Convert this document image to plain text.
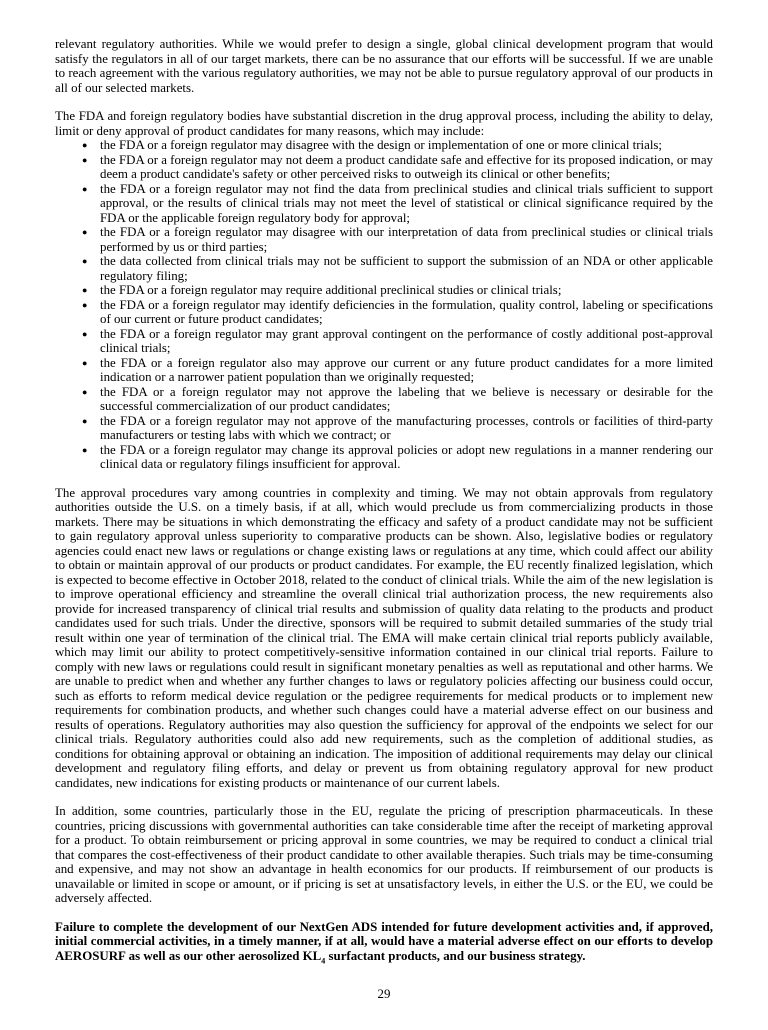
relevant regulatory authorities. While we would prefer to design a single, global clinical development program that would satisfy the regulators in all of our target markets, there can be no assurance that our efforts will be successful. If we are unable to reach agreement with the various regulatory authorities, we may not be able to pursue regulatory approval of our products in all of our selected markets.

The FDA and foreign regulatory bodies have substantial discretion in the drug approval process, including the ability to delay, limit or deny approval of product candidates for many reasons, which may include:

● the FDA or a foreign regulator may disagree with the design or implementation of one or more clinical trials;
● the FDA or a foreign regulator may not deem a product candidate safe and effective for its proposed indication, or may deem a product candidate's safety or other perceived risks to outweigh its clinical or other benefits;
● the FDA or a foreign regulator may not find the data from preclinical studies and clinical trials sufficient to support approval, or the results of clinical trials may not meet the level of statistical or clinical significance required by the FDA or the applicable foreign regulatory body for approval;
● the FDA or a foreign regulator may disagree with our interpretation of data from preclinical studies or clinical trials performed by us or third parties;
● the data collected from clinical trials may not be sufficient to support the submission of an NDA or other applicable regulatory filing;
● the FDA or a foreign regulator may require additional preclinical studies or clinical trials;
● the FDA or a foreign regulator may identify deficiencies in the formulation, quality control, labeling or specifications of our current or future product candidates;
● the FDA or a foreign regulator may grant approval contingent on the performance of costly additional post-approval clinical trials;
● the FDA or a foreign regulator also may approve our current or any future product candidates for a more limited indication or a narrower patient population than we originally requested;
● the FDA or a foreign regulator may not approve the labeling that we believe is necessary or desirable for the successful commercialization of our product candidates;
● the FDA or a foreign regulator may not approve of the manufacturing processes, controls or facilities of third-party manufacturers or testing labs with which we contract; or
● the FDA or a foreign regulator may change its approval policies or adopt new regulations in a manner rendering our clinical data or regulatory filings insufficient for approval.

The approval procedures vary among countries in complexity and timing. We may not obtain approvals from regulatory authorities outside the U.S. on a timely basis, if at all, which would preclude us from commercializing products in those markets. There may be situations in which demonstrating the efficacy and safety of a product candidate may not be sufficient to gain regulatory approval unless superiority to comparative products can be shown. Also, legislative bodies or regulatory agencies could enact new laws or regulations or change existing laws or regulations at any time, which could affect our ability to obtain or maintain approval of our products or product candidates. For example, the EU recently finalized legislation, which is expected to become effective in October 2018, related to the conduct of clinical trials. While the aim of the new legislation is to improve operational efficiency and streamline the overall clinical trial authorization process, the new requirements also provide for increased transparency of clinical trial results and submission of quality data relating to the products and product candidates used for such trials. Under the directive, sponsors will be required to submit detailed summaries of the study trial result within one year of termination of the clinical trial. The EMA will make certain clinical trial reports publicly available, which may limit our ability to protect competitively-sensitive information contained in our clinical trial reports. Failure to comply with new laws or regulations could result in significant monetary penalties as well as reputational and other harms. We are unable to predict when and whether any further changes to laws or regulatory policies affecting our business could occur, such as efforts to reform medical device regulation or the pedigree requirements for medical products or to implement new requirements for combination products, and whether such changes could have a material adverse effect on our business and results of operations. Regulatory authorities may also question the sufficiency for approval of the endpoints we select for our clinical trials. Regulatory authorities could also add new requirements, such as the completion of additional studies, as conditions for obtaining approval or obtaining an indication. The imposition of additional requirements may delay our clinical development and regulatory filing efforts, and delay or prevent us from obtaining regulatory approval for new product candidates, new indications for existing products or maintenance of our current labels.

In addition, some countries, particularly those in the EU, regulate the pricing of prescription pharmaceuticals. In these countries, pricing discussions with governmental authorities can take considerable time after the receipt of marketing approval for a product. To obtain reimbursement or pricing approval in some countries, we may be required to conduct a clinical trial that compares the cost-effectiveness of their product candidate to other available therapies. Such trials may be time-consuming and expensive, and may not show an advantage in health economics for our products. If reimbursement of our products is unavailable or limited in scope or amount, or if pricing is set at unsatisfactory levels, in either the U.S. or the EU, we could be adversely affected.

Failure to complete the development of our NextGen ADS intended for future development activities and, if approved, initial commercial activities, in a timely manner, if at all, would have a material adverse effect on our efforts to develop AEROSURF as well as our other aerosolized $KL_4$ surfactant products, and our business strategy.

29
